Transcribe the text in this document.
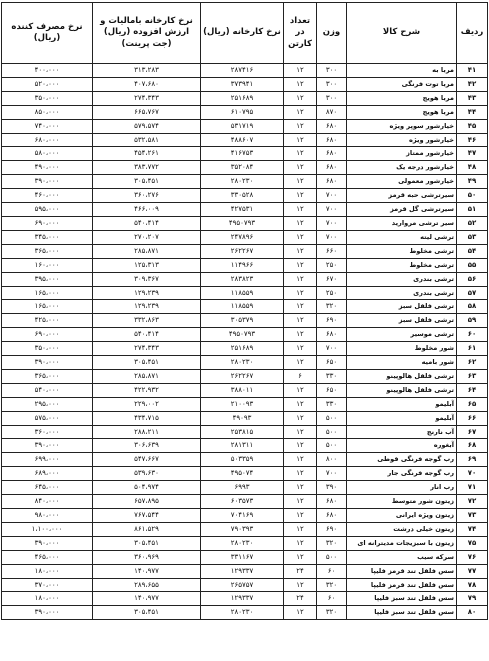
ردیف	شرح کالا	وزن	تعداد در کارتن	نرخ کارخانه (ریال)	نرخ کارخانه بامالیات و ارزش افزوده (ریال) (جت پرینت)	نرخ مصرف کننده (ریال)
۴۱	مربا به	۳۰۰	۱۲	۲۸۷۴۱۶	۳۱۳،۲۸۳	۴۰۰،۰۰۰
۴۲	مربا توت فرنگی	۳۰۰	۱۲	۳۷۳۹۴۱	۴۰۷،۶۸۰	۵۲۰،۰۰۰
۴۳	مربا هویج	۳۰۰	۱۲	۲۵۱۶۸۹	۲۷۴،۳۴۳	۳۵۰،۰۰۰
۴۴	مربا هویج	۸۷۰	۱۲	۶۱۰۷۹۵	۶۶۵،۷۶۷	۸۵۰،۰۰۰
۴۵	خیارشور سوپر ویژه	۶۸۰	۱۲	۵۳۱۷۱۹	۵۷۹،۵۷۴	۷۴۰،۰۰۰
۴۶	خیارشور ویژه	۶۸۰	۱۲	۴۸۸۶۰۷	۵۳۲،۵۸۱	۶۸۰،۰۰۰
۴۷	خیارشور ممتاز	۶۸۰	۱۲	۴۱۶۷۵۳	۴۵۴،۲۶۱	۵۸۰،۰۰۰
۴۸	خیارشور درجه یک	۶۸۰	۱۲	۳۵۲۰۸۴	۳۸۳،۷۷۲	۴۹۰،۰۰۰
۴۹	خیارشور معمولی	۶۸۰	۱۲	۲۸۰۲۳۰	۳۰۵،۴۵۱	۳۹۰،۰۰۰
۵۰	سیرترشی حبه قرمز	۷۰۰	۱۲	۳۳۰۵۲۸	۳۶۰،۲۷۶	۴۶۰،۰۰۰
۵۱	سیرترشی گل قرمز	۷۰۰	۱۲	۴۲۷۵۳۱	۴۶۶،۰۰۹	۵۹۵،۰۰۰
۵۲	سیر ترشی مروارید	۷۰۰	۱۲	۴۹۵۰۷۹۳	۵۴۰،۴۱۴	۶۹۰،۰۰۰
۵۳	ترشی لیته	۷۰۰	۱۲	۲۴۷۸۹۶	۲۷۰،۲۰۷	۳۴۵،۰۰۰
۵۴	ترشی مخلوط	۶۶۰	۱۲	۲۶۲۲۶۷	۲۸۵،۸۷۱	۳۶۵،۰۰۰
۵۵	ترشی مخلوط	۲۵۰	۱۲	۱۱۴۹۶۶	۱۲۵،۳۱۳	۱۶۰،۰۰۰
۵۶	ترشی بندری	۶۷۰	۱۲	۲۸۳۸۲۳	۳۰۹،۳۶۷	۳۹۵،۰۰۰
۵۷	ترشی بندری	۲۵۰	۱۲	۱۱۸۵۵۹	۱۲۹،۲۳۹	۱۶۵،۰۰۰
۵۸	ترشی فلفل سبز	۳۲۰	۱۲	۱۱۸۵۵۹	۱۲۹،۲۳۹	۱۶۵،۰۰۰
۵۹	ترشی فلفل سبز	۶۹۰	۱۲	۳۰۵۳۷۹	۳۳۲،۸۶۳	۴۲۵،۰۰۰
۶۰	ترشی موسیر	۶۸۰	۱۲	۴۹۵۰۷۹۳	۵۴۰،۴۱۴	۶۹۰،۰۰۰
۶۱	شور مخلوط	۷۰۰	۱۲	۲۵۱۶۸۹	۲۷۴،۳۴۳	۳۵۰،۰۰۰
۶۲	شور بامیه	۶۵۰	۱۲	۲۸۰۲۳۰	۳۰۵،۴۵۱	۳۹۰،۰۰۰
۶۳	ترشی فلفل هالوپینو	۳۳۰	۶	۲۶۲۲۶۷	۲۸۵،۸۷۱	۳۶۵،۰۰۰
۶۴	ترشی فلفل هالوپینو	۶۵۰	۱۲	۳۸۸۰۱۱	۴۲۲،۹۳۲	۵۴۰،۰۰۰
۶۵	آبلیمو	۳۳۰	۱۲	۲۱۰۰۹۳	۲۲۹،۰۰۲	۲۹۵،۰۰۰
۶۶	آبلیمو	۵۰۰	۱۲	۴۹۰۹۳	۴۳۴،۷۱۵	۵۷۵،۰۰۰
۶۷	آب نارنج	۵۰۰	۱۲	۲۵۳۸۱۵	۲۸۸،۲۱۱	۳۶۰،۰۰۰
۶۸	آبغوره	۵۰۰	۱۲	۲۸۱۳۱۱	۳۰۶،۶۳۹	۳۹۰،۰۰۰
۶۹	رب گوجه فرنگی قوطی	۸۰۰	۱۲	۵۰۳۳۵۹	۵۴۷،۶۶۷	۶۹۹،۰۰۰
۷۰	رب گوجه فرنگی جار	۷۰۰	۱۲	۴۹۵۰۷۴	۵۳۹،۶۳۰	۶۸۹،۰۰۰
۷۱	رب انار	۳۹۰	۱۲	۶۹۹۳	۵۰۴،۹۷۴	۶۴۵،۰۰۰
۷۲	زیتون شور متوسط	۶۸۰	۱۲	۶۰۳۵۷۳	۶۵۷،۸۹۵	۸۴۰،۰۰۰
۷۳	زیتون ویژه ایرانی	۶۸۰	۱۲	۷۰۴۱۶۹	۷۶۷،۵۴۴	۹۸۰،۰۰۰
۷۴	زیتون خیلی درشت	۶۹۰	۱۲	۷۹۰۳۹۳	۸۶۱،۵۲۹	۱،۱۰۰،۰۰۰
۷۵	زیتون با سبزیجات مدیترانه ای	۳۲۰	۱۲	۲۸۰۲۳۰	۳۰۵،۴۵۱	۳۹۰،۰۰۰
۷۶	سرکه سیب	۵۰۰	۱۲	۳۳۱۱۶۷	۳۶۰،۹۶۹	۴۶۵،۰۰۰
۷۷	سس فلفل تند قرمز فلیپا	۶۰	۲۴	۱۲۹۳۳۷	۱۴۰،۹۷۷	۱۸۰،۰۰۰
۷۸	سس فلفل تند قرمز فلیپا	۳۲۰	۱۲	۲۶۵۷۵۷	۲۸۹،۶۵۵	۳۷۰،۰۰۰
۷۹	سس فلفل تند سبز فلیپا	۶۰	۲۴	۱۲۹۳۳۷	۱۴۰،۹۷۷	۱۸۰،۰۰۰
۸۰	سس فلفل تند سبز فلیپا	۳۲۰	۱۲	۲۸۰۲۳۰	۳۰۵،۴۵۱	۳۹۰،۰۰۰
